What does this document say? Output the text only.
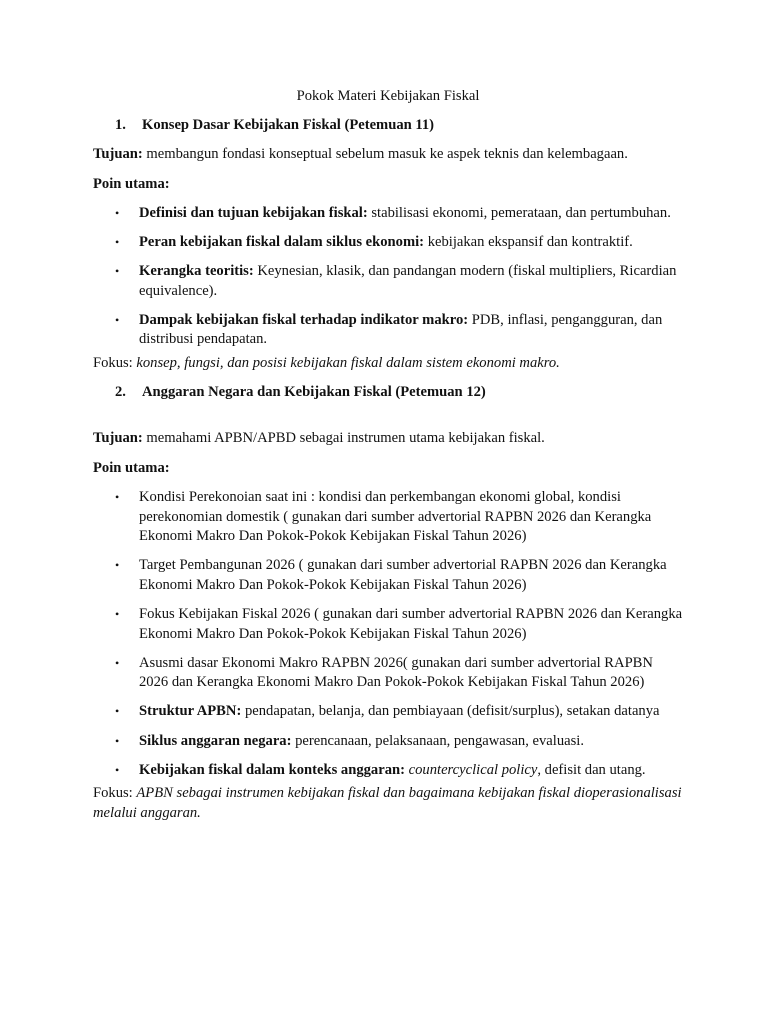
Pokok Materi Kebijakan Fiskal

1.	Konsep Dasar Kebijakan Fiskal (Petemuan 11)

Tujuan: membangun fondasi konseptual sebelum masuk ke aspek teknis dan kelembagaan.

Poin utama:

•	Definisi dan tujuan kebijakan fiskal: stabilisasi ekonomi, pemerataan, dan pertumbuhan.
•	Peran kebijakan fiskal dalam siklus ekonomi: kebijakan ekspansif dan kontraktif.
•	Kerangka teoritis: Keynesian, klasik, dan pandangan modern (fiskal multipliers, Ricardian equivalence).
•	Dampak kebijakan fiskal terhadap indikator makro: PDB, inflasi, pengangguran, dan distribusi pendapatan.

Fokus: konsep, fungsi, dan posisi kebijakan fiskal dalam sistem ekonomi makro.

2.	Anggaran Negara dan Kebijakan Fiskal (Petemuan 12)

Tujuan: memahami APBN/APBD sebagai instrumen utama kebijakan fiskal.

Poin utama:

•	Kondisi Perekonoian saat ini : kondisi dan perkembangan ekonomi global, kondisi perekonomian domestik ( gunakan dari sumber advertorial RAPBN 2026 dan Kerangka Ekonomi Makro Dan Pokok-Pokok Kebijakan Fiskal Tahun 2026)
•	Target Pembangunan 2026 ( gunakan dari sumber advertorial RAPBN 2026 dan Kerangka Ekonomi Makro Dan Pokok-Pokok Kebijakan Fiskal Tahun 2026)
•	Fokus Kebijakan Fiskal 2026 ( gunakan dari sumber advertorial RAPBN 2026 dan Kerangka Ekonomi Makro Dan Pokok-Pokok Kebijakan Fiskal Tahun 2026)
•	Asusmi dasar Ekonomi Makro RAPBN 2026( gunakan dari sumber advertorial RAPBN 2026 dan Kerangka Ekonomi Makro Dan Pokok-Pokok Kebijakan Fiskal Tahun 2026)
•	Struktur APBN: pendapatan, belanja, dan pembiayaan (defisit/surplus), setakan datanya
•	Siklus anggaran negara: perencanaan, pelaksanaan, pengawasan, evaluasi.
•	Kebijakan fiskal dalam konteks anggaran: countercyclical policy, defisit dan utang.

Fokus: APBN sebagai instrumen kebijakan fiskal dan bagaimana kebijakan fiskal dioperasionalisasi melalui anggaran.
